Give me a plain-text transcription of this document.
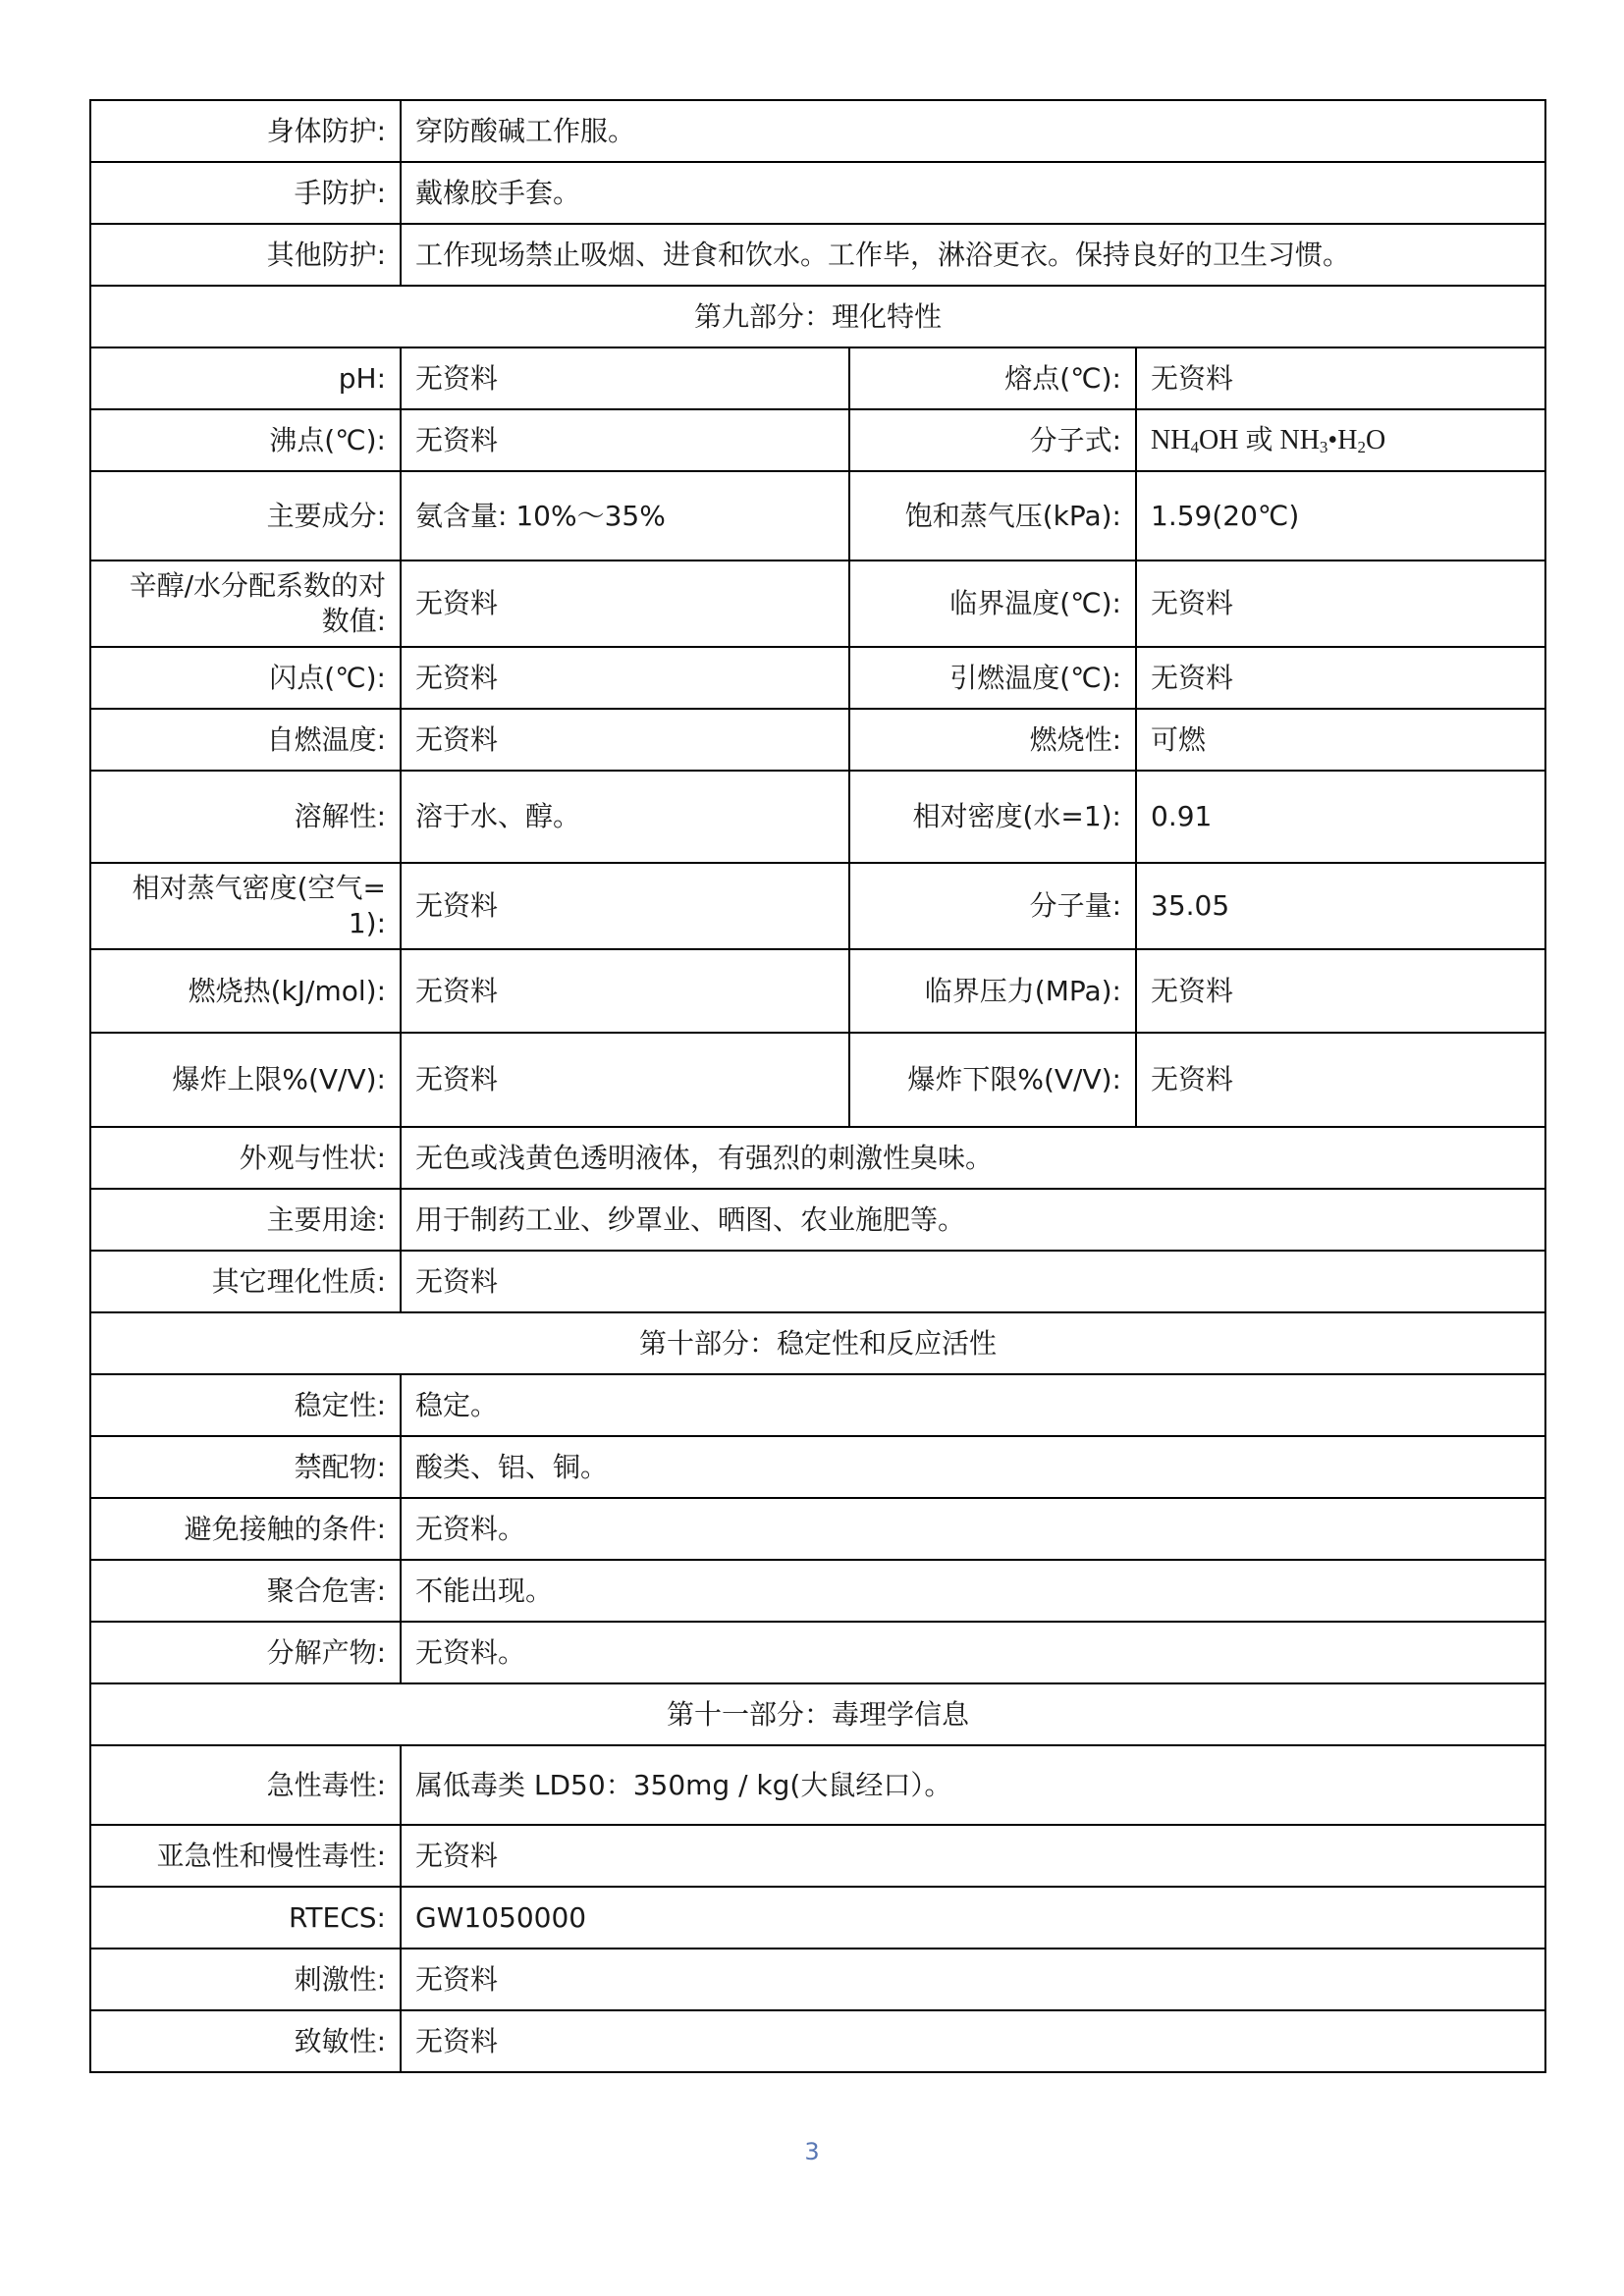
身体防护:	穿防酸碱工作服。		
手防护:	戴橡胶手套。		
其他防护:	工作现场禁止吸烟、进食和饮水。工作毕，淋浴更衣。保持良好的卫生习惯。		
第九部分：理化特性			
pH:	无资料	熔点(℃):	无资料
沸点(℃):	无资料	分子式:	$NH_4OH$ 或 $NH_3•H_2O$
主要成分:	氨含量: 10%～35%	饱和蒸气压(kPa):	1.59(20℃)
辛醇/水分配系数的对数值:	无资料	临界温度(℃):	无资料
闪点(℃):	无资料	引燃温度(℃):	无资料
自燃温度:	无资料	燃烧性:	可燃
溶解性:	溶于水、醇。	相对密度(水=1):	0.91
相对蒸气密度(空气=1):	无资料	分子量:	35.05
燃烧热(kJ/mol):	无资料	临界压力(MPa):	无资料
爆炸上限%(V/V):	无资料	爆炸下限%(V/V):	无资料
外观与性状:	无色或浅黄色透明液体，有强烈的刺激性臭味。		
主要用途:	用于制药工业、纱罩业、晒图、农业施肥等。		
其它理化性质:	无资料		
第十部分：稳定性和反应活性			
稳定性:	稳定。		
禁配物:	酸类、铝、铜。		
避免接触的条件:	无资料。		
聚合危害:	不能出现。		
分解产物:	无资料。		
第十一部分：毒理学信息			
急性毒性:	属低毒类 LD50：350mg / kg(大鼠经口）。		
亚急性和慢性毒性:	无资料		
RTECS:	GW1050000		
刺激性:	无资料		
致敏性:	无资料		
3
